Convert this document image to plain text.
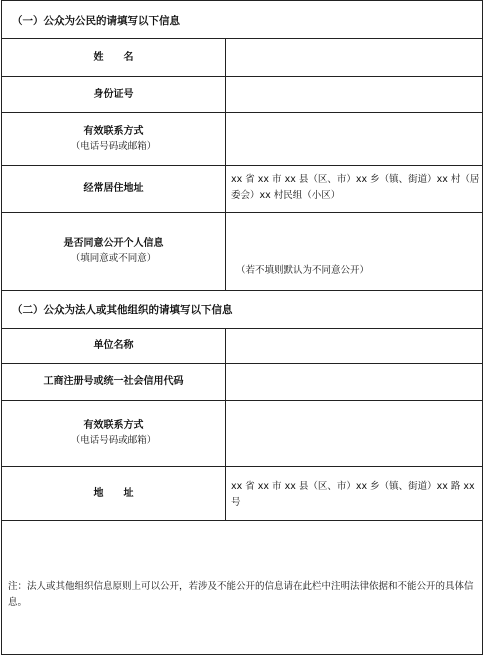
（一）公众为公民的请填写以下信息
姓　　名
身份证号
有效联系方式
（电话号码或邮箱）
经常居住地址
xx 省 xx 市 xx 县（区、市）xx 乡（镇、街道）xx 村（居委会）xx 村民组（小区）
是否同意公开个人信息
（填同意或不同意）
（若不填则默认为不同意公开）
（二）公众为法人或其他组织的请填写以下信息
单位名称
工商注册号或统一社会信用代码
有效联系方式
（电话号码或邮箱）
地　　址
xx 省 xx 市 xx 县（区、市）xx 乡（镇、街道）xx 路 xx 号
注：法人或其他组织信息原则上可以公开，若涉及不能公开的信息请在此栏中注明法律依据和不能公开的具体信息。
